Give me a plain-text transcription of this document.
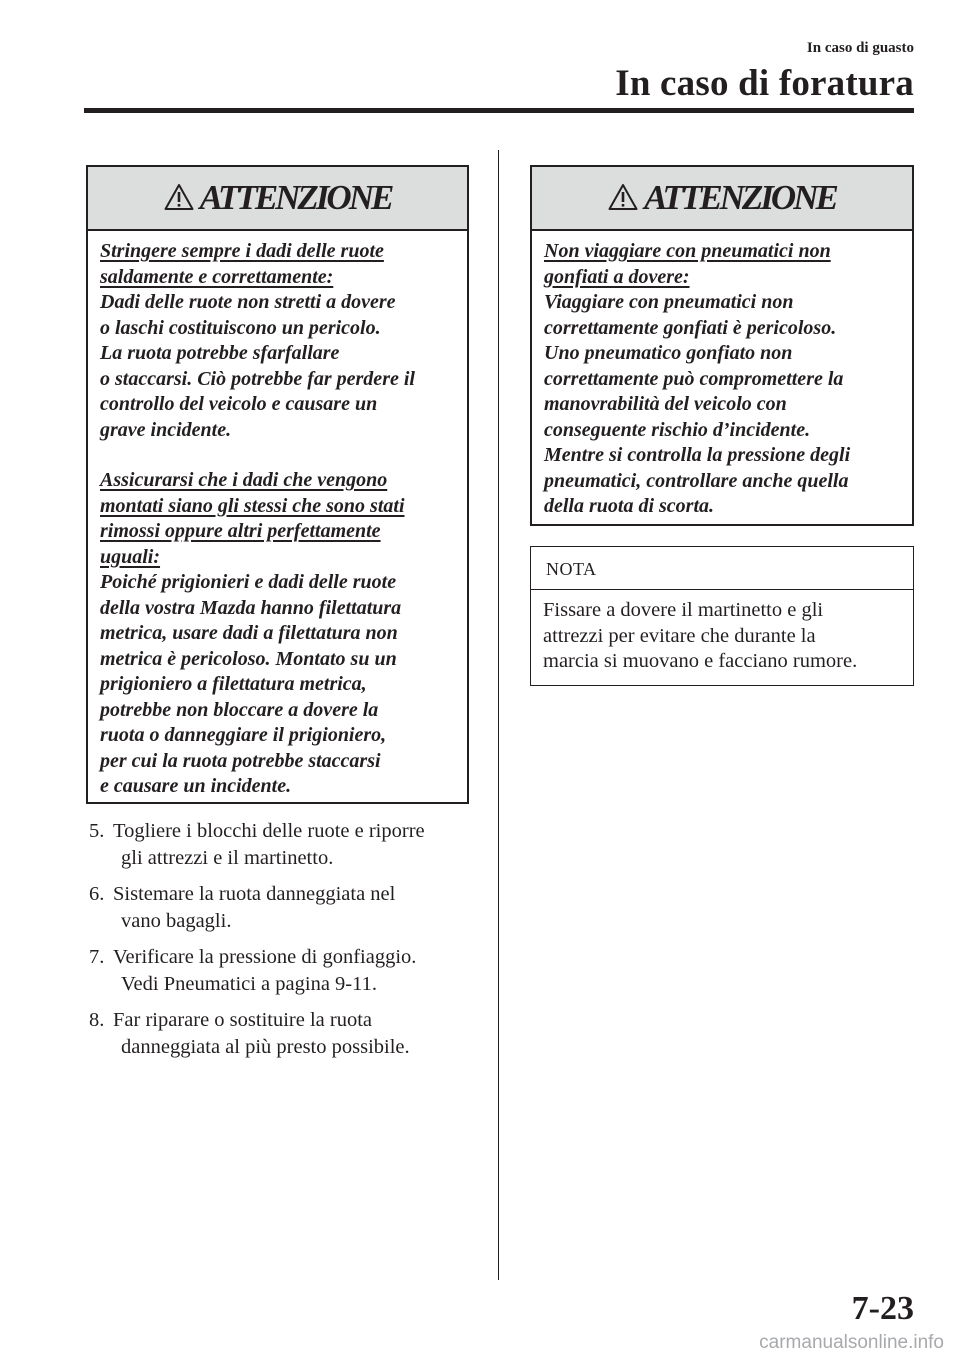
In caso di guasto
In caso di foratura
ATTENZIONE

Stringere sempre i dadi delle ruote
saldamente e correttamente:
Dadi delle ruote non stretti a dovere
o laschi costituiscono un pericolo.
La ruota potrebbe sfarfallare
o staccarsi. Ciò potrebbe far perdere il
controllo del veicolo e causare un
grave incidente.

Assicurarsi che i dadi che vengono
montati siano gli stessi che sono stati
rimossi oppure altri perfettamente
uguali:
Poiché prigionieri e dadi delle ruote
della vostra Mazda hanno filettatura
metrica, usare dadi a filettatura non
metrica è pericoloso. Montato su un
prigioniero a filettatura metrica,
potrebbe non bloccare a dovere la
ruota o danneggiare il prigioniero,
per cui la ruota potrebbe staccarsi
e causare un incidente.

ATTENZIONE

Non viaggiare con pneumatici non
gonfiati a dovere:
Viaggiare con pneumatici non
correttamente gonfiati è pericoloso.
Uno pneumatico gonfiato non
correttamente può compromettere la
manovrabilità del veicolo con
conseguente rischio d’incidente.
Mentre si controlla la pressione degli
pneumatici, controllare anche quella
della ruota di scorta.

5. Togliere i blocchi delle ruote e riporre
gli attrezzi e il martinetto.
6. Sistemare la ruota danneggiata nel
vano bagagli.
7. Verificare la pressione di gonfiaggio.
Vedi Pneumatici a pagina 9-11.
8. Far riparare o sostituire la ruota
danneggiata al più presto possibile.
NOTA
Fissare a dovere il martinetto e gli
attrezzi per evitare che durante la
marcia si muovano e facciano rumore.
7-23
carmanualsonline.info
